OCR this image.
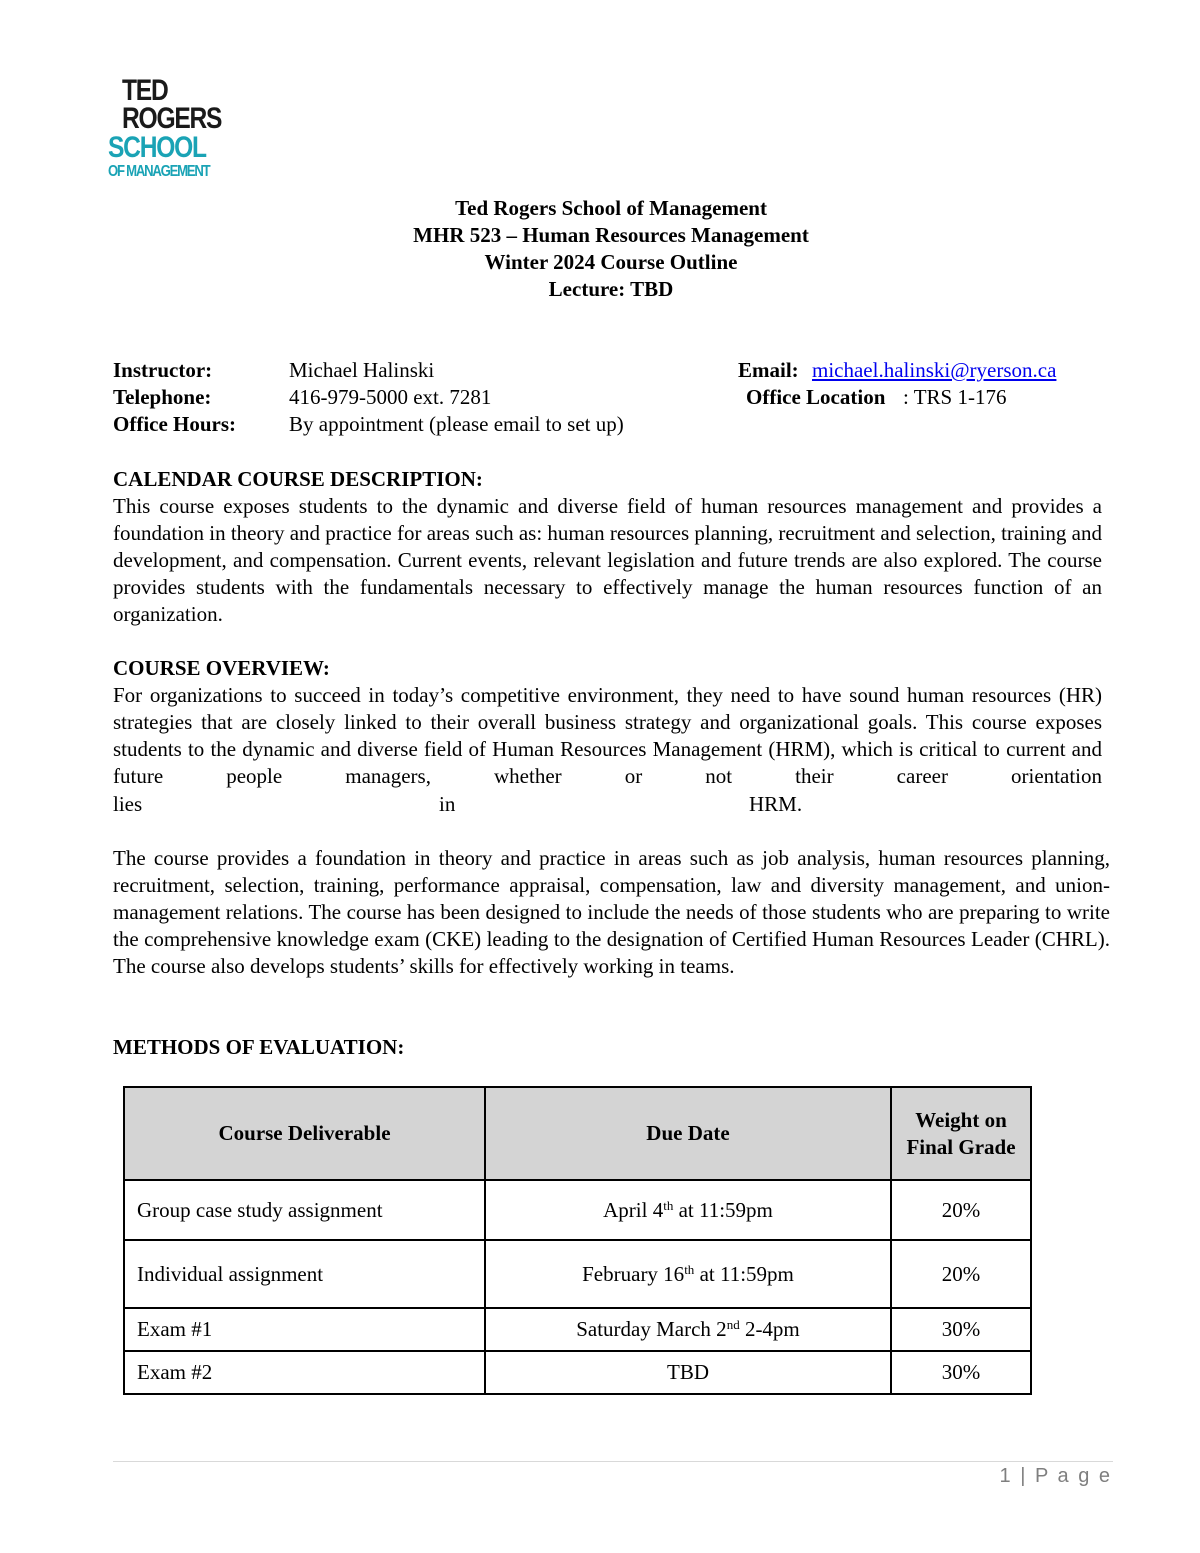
TED
ROGERS
SCHOOL
OF MANAGEMENT
Ted Rogers School of Management
MHR 523 – Human Resources Management
Winter 2024 Course Outline
Lecture: TBD
Instructor:	Michael Halinski	Email: michael.halinski@ryerson.ca
Telephone:	416-979-5000 ext. 7281	Office Location : TRS 1-176
Office Hours:	By appointment (please email to set up)
CALENDAR COURSE DESCRIPTION:
This course exposes students to the dynamic and diverse field of human resources management and provides a foundation in theory and practice for areas such as: human resources planning, recruitment and selection, training and development, and compensation. Current events, relevant legislation and future trends are also explored. The course provides students with the fundamentals necessary to effectively manage the human resources function of an organization.
COURSE OVERVIEW:
For organizations to succeed in today’s competitive environment, they need to have sound human resources (HR) strategies that are closely linked to their overall business strategy and organizational goals. This course exposes students to the dynamic and diverse field of Human Resources Management (HRM), which is critical to current and future people managers, whether or not their career orientation
lies	in	HRM.
The course provides a foundation in theory and practice in areas such as job analysis, human resources planning, recruitment, selection, training, performance appraisal, compensation, law and diversity management, and union-management relations. The course has been designed to include the needs of those students who are preparing to write the comprehensive knowledge exam (CKE) leading to the designation of Certified Human Resources Leader (CHRL). The course also develops students’ skills for effectively working in teams.
METHODS OF EVALUATION:
Course Deliverable	Due Date	Weight on Final Grade
Group case study assignment	April 4th at 11:59pm	20%
Individual assignment	February 16th at 11:59pm	20%
Exam #1	Saturday March 2nd 2-4pm	30%
Exam #2	TBD	30%
1 | P a g e
